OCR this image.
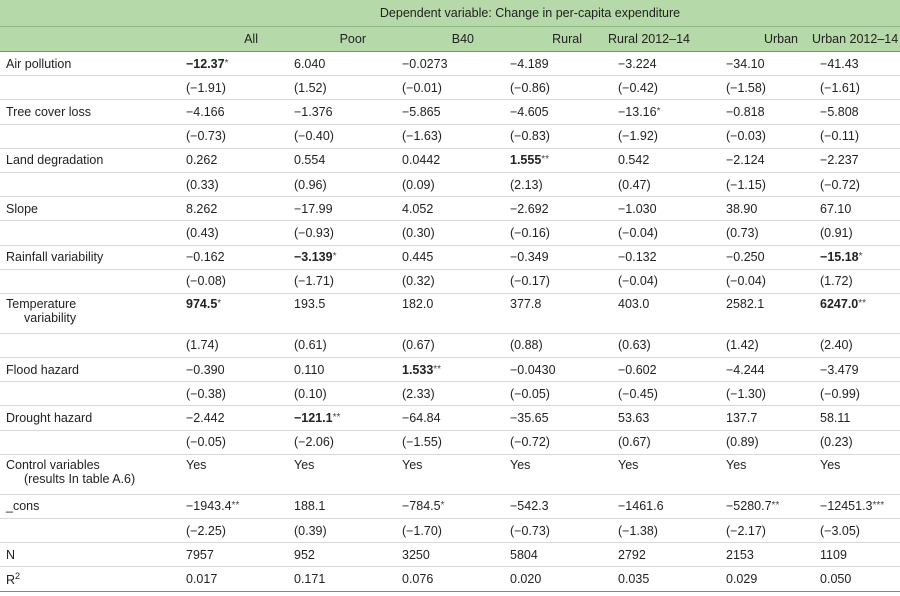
	Dependent variable: Change in per-capita expenditure						
	All	Poor	B40	Rural	Rural 2012–14	Urban	Urban 2012–14
Air pollution	−12.37*	6.040	−0.0273	−4.189	−3.224	−34.10	−41.43
	(−1.91)	(1.52)	(−0.01)	(−0.86)	(−0.42)	(−1.58)	(−1.61)
Tree cover loss	−4.166	−1.376	−5.865	−4.605	−13.16*	−0.818	−5.808
	(−0.73)	(−0.40)	(−1.63)	(−0.83)	(−1.92)	(−0.03)	(−0.11)
Land degradation	0.262	0.554	0.0442	1.555**	0.542	−2.124	−2.237
	(0.33)	(0.96)	(0.09)	(2.13)	(0.47)	(−1.15)	(−0.72)
Slope	8.262	−17.99	4.052	−2.692	−1.030	38.90	67.10
	(0.43)	(−0.93)	(0.30)	(−0.16)	(−0.04)	(0.73)	(0.91)
Rainfall variability	−0.162	−3.139*	0.445	−0.349	−0.132	−0.250	−15.18*
	(−0.08)	(−1.71)	(0.32)	(−0.17)	(−0.04)	(−0.04)	(1.72)
Temperature
variability	974.5*	193.5	182.0	377.8	403.0	2582.1	6247.0**
	(1.74)	(0.61)	(0.67)	(0.88)	(0.63)	(1.42)	(2.40)
Flood hazard	−0.390	0.110	1.533**	−0.0430	−0.602	−4.244	−3.479
	(−0.38)	(0.10)	(2.33)	(−0.05)	(−0.45)	(−1.30)	(−0.99)
Drought hazard	−2.442	−121.1**	−64.84	−35.65	53.63	137.7	58.11
	(−0.05)	(−2.06)	(−1.55)	(−0.72)	(0.67)	(0.89)	(0.23)
Control variables
(results In table A.6)	Yes	Yes	Yes	Yes	Yes	Yes	Yes
_cons	−1943.4**	188.1	−784.5*	−542.3	−1461.6	−5280.7**	−12451.3***
	(−2.25)	(0.39)	(−1.70)	(−0.73)	(−1.38)	(−2.17)	(−3.05)
N	7957	952	3250	5804	2792	2153	1109
$R^2$	0.017	0.171	0.076	0.020	0.035	0.029	0.050
